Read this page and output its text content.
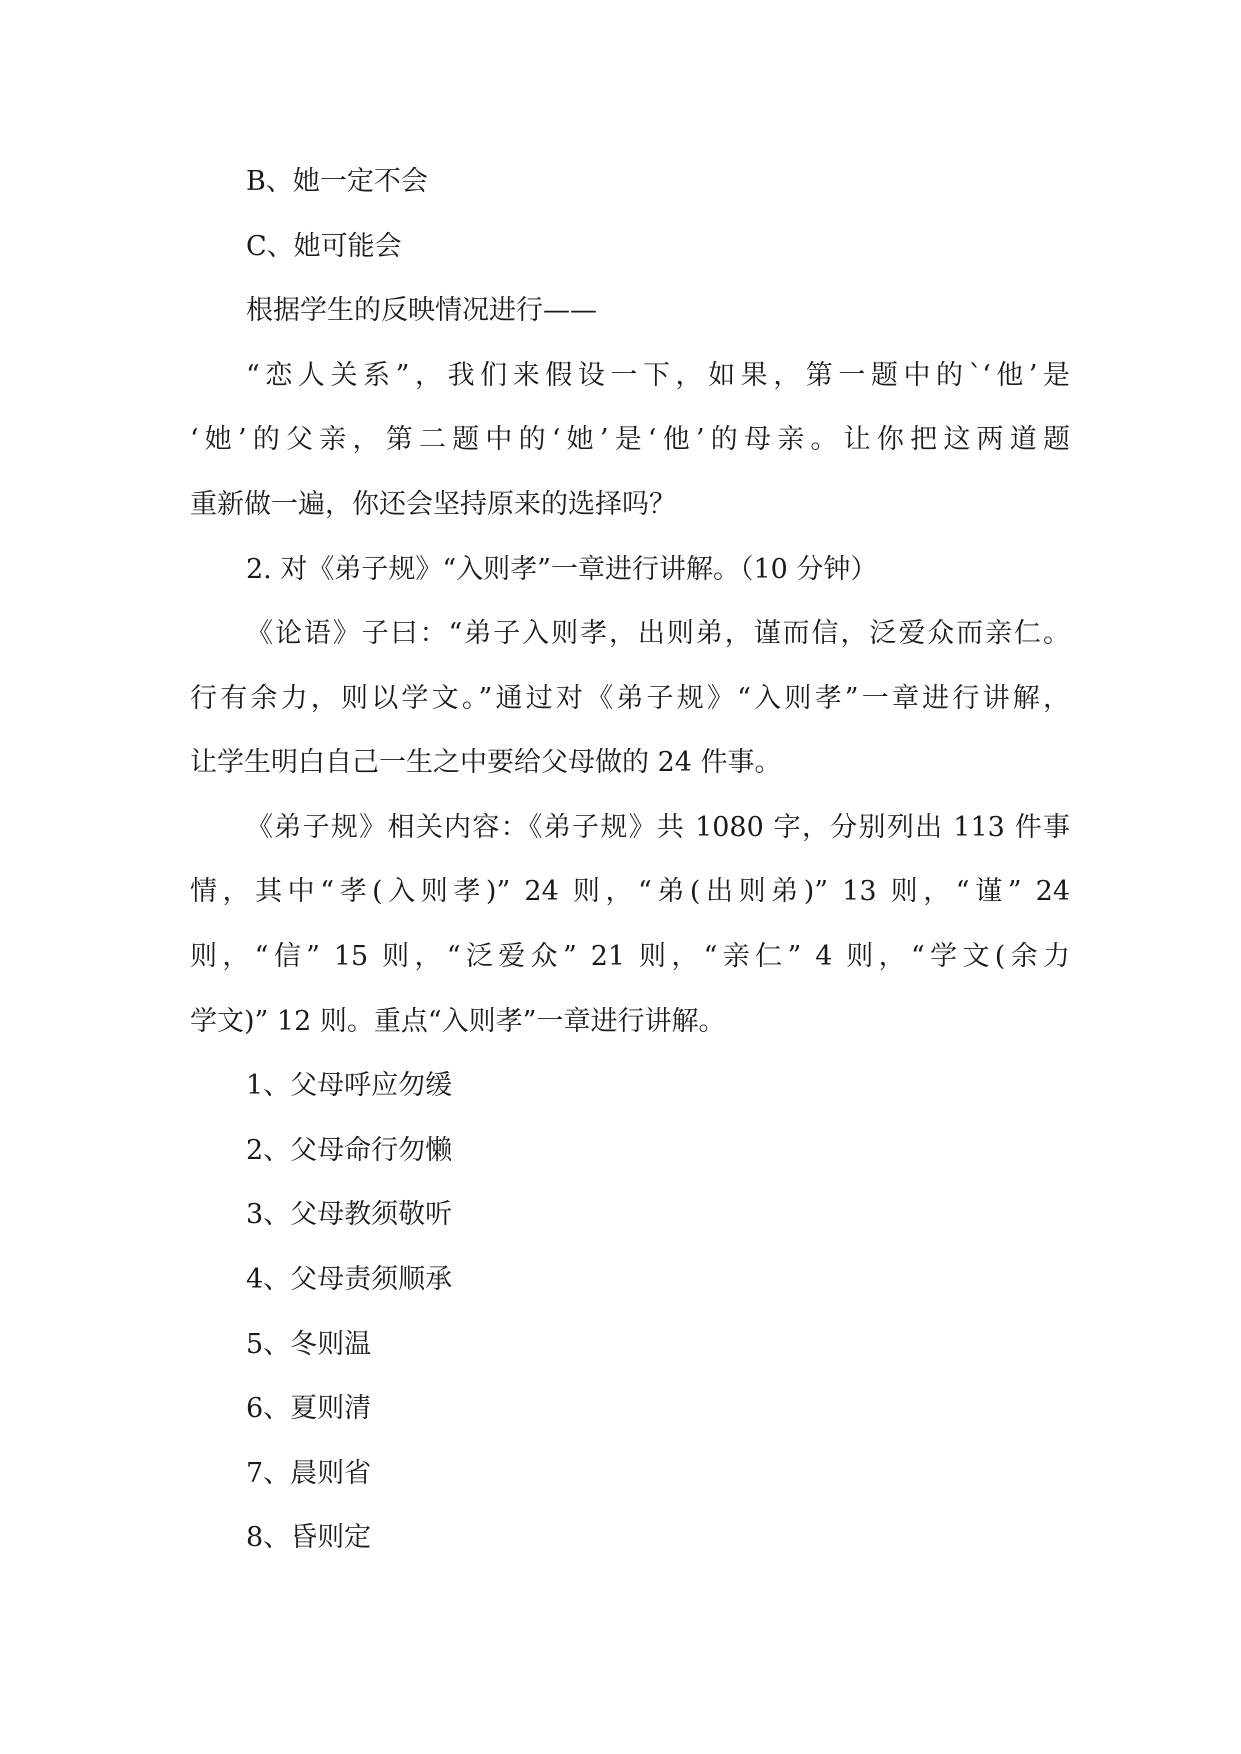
B、她一定不会
C、她可能会
根据学生的反映情况进行——
“恋人关系”，我们来假设一下，如果，第一题中的`‘他’是
‘她’的父亲，第二题中的‘她’是‘他’的母亲。让你把这两道题
重新做一遍，你还会坚持原来的选择吗？
2. 对《弟子规》“入则孝”一章进行讲解。（10 分钟）
《论语》子曰：“弟子入则孝，出则弟，谨而信，泛爱众而亲仁。
行有余力，则以学文。”通过对《弟子规》“入则孝”一章进行讲解，
让学生明白自己一生之中要给父母做的 24 件事。
《弟子规》相关内容：《弟子规》共 1080 字，分别列出 113 件事
情，其中“孝(入则孝)” 24 则，“弟(出则弟)” 13 则，“谨” 24
则，“信” 15 则，“泛爱众” 21 则，“亲仁” 4 则，“学文(余力
学文)” 12 则。重点“入则孝”一章进行讲解。
1、父母呼应勿缓
2、父母命行勿懒
3、父母教须敬听
4、父母责须顺承
5、冬则温
6、夏则清
7、晨则省
8、昏则定
